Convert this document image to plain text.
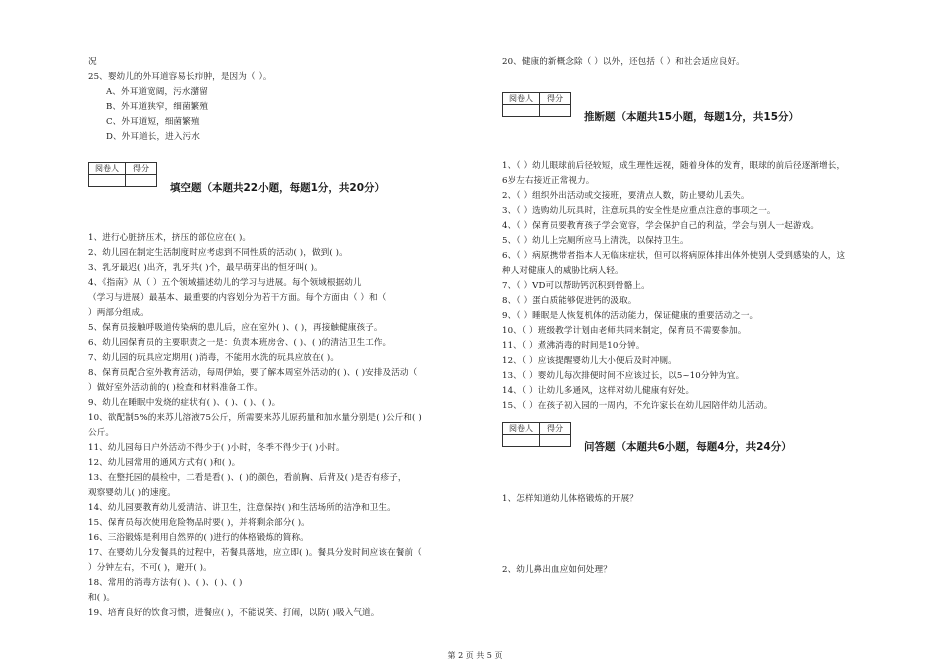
况
25、婴幼儿的外耳道容易长疖肿，是因为（ ）。
A、外耳道宽阔，污水潴留
B、外耳道狭窄，细菌繁殖
C、外耳道短，细菌繁殖
D、外耳道长，进入污水
阅卷人	得分

填空题（本题共22小题，每题1分，共20分）
1、进行心脏挤压术，挤压的部位应在( )。
2、幼儿园在制定生活制度时应考虑到不同性质的活动( )，做到( )。
3、乳牙最迟( )出齐，乳牙共( )个，最早萌芽出的恒牙叫( )。
4、《指南》从（ ）五个领域描述幼儿的学习与进展。每个领域根据幼儿
（学习与进展）最基本、最重要的内容划分为若干方面。每个方面由（ ）和（
）两部分组成。
5、保育员接触呼吸道传染病的患儿后，应在室外( )、( )，再接触健康孩子。
6、幼儿园保育员的主要职责之一是：负责本班房舍、( )、( )的清洁卫生工作。
7、幼儿园的玩具应定期用( )消毒，不能用水洗的玩具应放在( )。
8、保育员配合室外教育活动，每周伊始，要了解本周室外活动的( )、( )安排及活动（
）做好室外活动前的( )检查和材料准备工作。
9、幼儿在睡眠中发烧的症状有( )、( )、( )、( )。
10、欲配制5%的来苏儿溶液75公斤，所需要来苏儿原药量和加水量分别是( )公斤和( )
公斤。
11、幼儿园每日户外活动不得少于( )小时，冬季不得少于( )小时。
12、幼儿园常用的通风方式有( )和( )。
13、在整托园的晨检中，二看是看( )、( )的颜色，看前胸、后背及( )是否有疹子，
观察婴幼儿( )的速度。
14、幼儿园要教育幼儿爱清洁、讲卫生，注意保持( )和生活场所的洁净和卫生。
15、保育员每次使用危险物品时要( )，并将剩余部分( )。
16、三浴锻炼是利用自然界的( )进行的体格锻炼的简称。
17、在婴幼儿分发餐具的过程中，若餐具落地，应立即( )。餐具分发时间应该在餐前（
）分钟左右，不可( )，避开( )。
18、常用的消毒方法有( )、( )、( )、( )
和( )。
19、培育良好的饮食习惯，进餐应( )，不能说笑、打闹，以防( )吸入气道。
20、健康的新概念除（ ）以外，还包括（ ）和社会适应良好。
阅卷人	得分

推断题（本题共15小题，每题1分，共15分）
1、（ ）幼儿眼球前后径较短，成生理性远视，随着身体的发育，眼球的前后径逐渐增长，
6岁左右接近正常视力。
2、（ ）组织外出活动或交接班，要清点人数，防止婴幼儿丢失。
3、（ ）选购幼儿玩具时，注意玩具的安全性是应重点注意的事项之一。
4、（ ）保育员要教育孩子学会宽容，学会保护自己的利益，学会与别人一起游戏。
5、（ ）幼儿上完厕所应马上清洗，以保持卫生。
6、（ ）病原携带者指本人无临床症状，但可以将病原体排出体外使别人受到感染的人，这
种人对健康人的威胁比病人轻。
7、（ ）VD可以帮助钙沉积到骨骼上。
8、（ ）蛋白质能够促进钙的汲取。
9、（ ）睡眠是人恢复机体的活动能力，保证健康的重要活动之一。
10、（ ）班级教学计划由老师共同来制定，保育员不需要参加。
11、（ ）煮沸消毒的时间是10分钟。
12、（ ）应该提醒婴幼儿大小便后及时冲厕。
13、（ ）婴幼儿每次排便时间不应该过长，以5~10分钟为宜。
14、（ ）让幼儿多通风，这样对幼儿健康有好处。
15、（ ）在孩子初入园的一周内，不允许家长在幼儿园陪伴幼儿活动。
阅卷人	得分

问答题（本题共6小题，每题4分，共24分）
1、怎样知道幼儿体格锻炼的开展？
2、幼儿鼻出血应如何处理？
第 2 页 共 5 页
